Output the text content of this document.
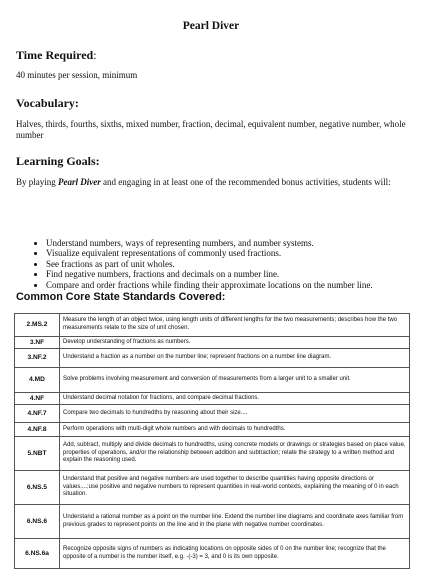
Pearl Diver
Time Required:
40 minutes per session, minimum
Vocabulary:
Halves, thirds, fourths, sixths, mixed number, fraction, decimal, equivalent number, negative number, whole number
Learning Goals:
By playing Pearl Diver and engaging in at least one of the recommended bonus activities, students will:
• Understand numbers, ways of representing numbers, and number systems.
• Visualize equivalent representations of commonly used fractions.
• See fractions as part of unit wholes.
• Find negative numbers, fractions and decimals on a number line.
• Compare and order fractions while finding their approximate locations on the number line.
Common Core State Standards Covered:
2.MS.2	Measure the length of an object twice, using length units of different lengths for the two measurements; describes how the two measurements relate to the size of unit chosen.
3.NF	Develop understanding of fractions as numbers.
3.NF.2	Understand a fraction as a number on the number line; represent fractions on a number line diagram.
4.MD	Solve problems involving measurement and conversion of measurements from a larger unit to a smaller unit.
4.NF	Understand decimal notation for fractions, and compare decimal fractions.
4.NF.7	Compare two decimals to hundredths by reasoning about their size....
4.NF.8	Perform operations with multi-digit whole numbers and with decimals to hundredths.
5.NBT	Add, subtract, multiply and divide decimals to hundredths, using concrete models or drawings or strategies based on place value, properties of operations, and/or the relationship between addition and subtraction; relate the strategy to a written method and explain the reasoning used.
6.NS.5	Understand that positive and negative numbers are used together to describe quantities having opposite directions or values....;use positive and negative numbers to represent quantities in real-world contexts, explaining the meaning of 0 in each situation.
6.NS.6	Understand a rational number as a point on the number line. Extend the number line diagrams and coordinate axes familiar from previous grades to represent points on the line and in the plane with negative number coordinates.
6.NS.6a	Recognize opposite signs of numbers as indicating locations on opposite sides of 0 on the number line; recognize that the opposite of a number is the number itself, e.g. -(-3) = 3, and 0 is its own opposite.
